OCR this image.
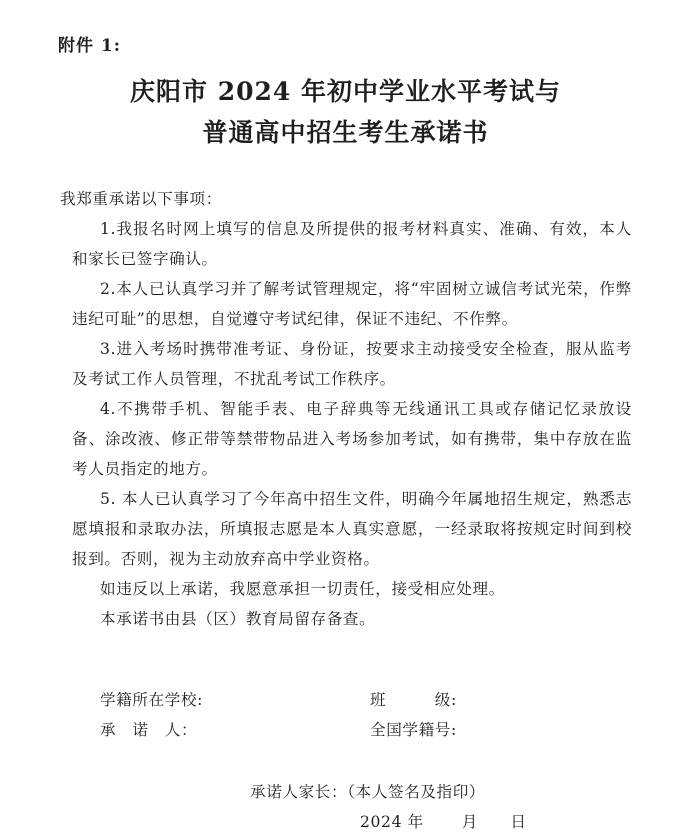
附件 1:
庆阳市 2024 年初中学业水平考试与
普通高中招生考生承诺书
我郑重承诺以下事项：

1.我报名时网上填写的信息及所提供的报考材料真实、准确、有效，本人和家长已签字确认。

2.本人已认真学习并了解考试管理规定，将“牢固树立诚信考试光荣，作弊违纪可耻”的思想，自觉遵守考试纪律，保证不违纪、不作弊。

3.进入考场时携带准考证、身份证，按要求主动接受安全检查，服从监考及考试工作人员管理，不扰乱考试工作秩序。

4.不携带手机、智能手表、电子辞典等无线通讯工具或存储记忆录放设备、涂改液、修正带等禁带物品进入考场参加考试，如有携带，集中存放在监考人员指定的地方。

5. 本人已认真学习了今年高中招生文件，明确今年属地招生规定，熟悉志愿填报和录取办法，所填报志愿是本人真实意愿，一经录取将按规定时间到校报到。否则，视为主动放弃高中学业资格。

如违反以上承诺，我愿意承担一切责任，接受相应处理。

本承诺书由县（区）教育局留存备查。

学籍所在学校:	班　　　级:
承　诺　人：	全国学籍号:
承诺人家长：（本人签名及指印）
2024 年　　 月　　日
